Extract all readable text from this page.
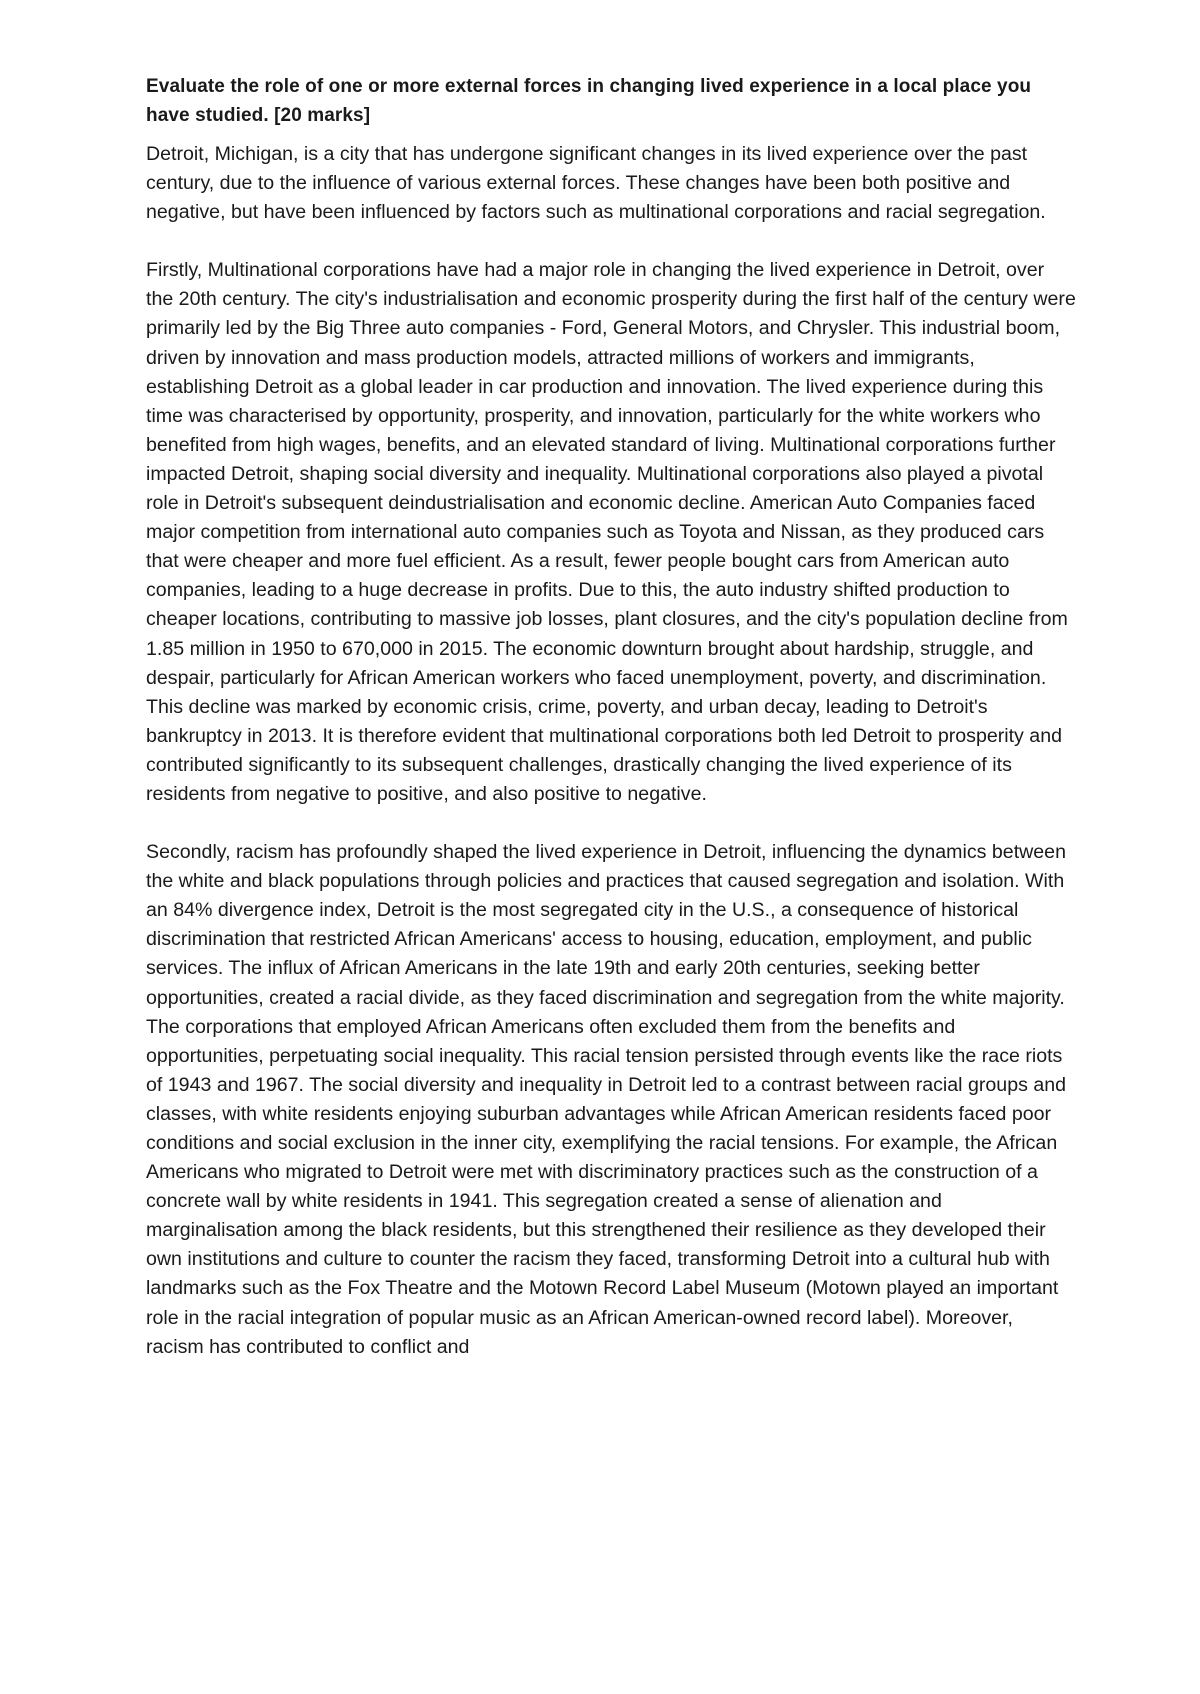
Evaluate the role of one or more external forces in changing lived experience in a local place you have studied. [20 marks]

Detroit, Michigan, is a city that has undergone significant changes in its lived experience over the past century, due to the influence of various external forces. These changes have been both positive and negative, but have been influenced by factors such as multinational corporations and racial segregation.

Firstly, Multinational corporations have had a major role in changing the lived experience in Detroit, over the 20th century. The city's industrialisation and economic prosperity during the first half of the century were primarily led by the Big Three auto companies - Ford, General Motors, and Chrysler. This industrial boom, driven by innovation and mass production models, attracted millions of workers and immigrants, establishing Detroit as a global leader in car production and innovation. The lived experience during this time was characterised by opportunity, prosperity, and innovation, particularly for the white workers who benefited from high wages, benefits, and an elevated standard of living. Multinational corporations further impacted Detroit, shaping social diversity and inequality. Multinational corporations also played a pivotal role in Detroit's subsequent deindustrialisation and economic decline. American Auto Companies faced major competition from international auto companies such as Toyota and Nissan, as they produced cars that were cheaper and more fuel efficient. As a result, fewer people bought cars from American auto companies, leading to a huge decrease in profits. Due to this, the auto industry shifted production to cheaper locations, contributing to massive job losses, plant closures, and the city's population decline from 1.85 million in 1950 to 670,000 in 2015. The economic downturn brought about hardship, struggle, and despair, particularly for African American workers who faced unemployment, poverty, and discrimination. This decline was marked by economic crisis, crime, poverty, and urban decay, leading to Detroit's bankruptcy in 2013. It is therefore evident that multinational corporations both led Detroit to prosperity and contributed significantly to its subsequent challenges, drastically changing the lived experience of its residents from negative to positive, and also positive to negative.

Secondly, racism has profoundly shaped the lived experience in Detroit, influencing the dynamics between the white and black populations through policies and practices that caused segregation and isolation. With an 84% divergence index, Detroit is the most segregated city in the U.S., a consequence of historical discrimination that restricted African Americans' access to housing, education, employment, and public services. The influx of African Americans in the late 19th and early 20th centuries, seeking better opportunities, created a racial divide, as they faced discrimination and segregation from the white majority. The corporations that employed African Americans often excluded them from the benefits and opportunities, perpetuating social inequality. This racial tension persisted through events like the race riots of 1943 and 1967. The social diversity and inequality in Detroit led to a contrast between racial groups and classes, with white residents enjoying suburban advantages while African American residents faced poor conditions and social exclusion in the inner city, exemplifying the racial tensions. For example, the African Americans who migrated to Detroit were met with discriminatory practices such as the construction of a concrete wall by white residents in 1941. This segregation created a sense of alienation and marginalisation among the black residents, but this strengthened their resilience as they developed their own institutions and culture to counter the racism they faced, transforming Detroit into a cultural hub with landmarks such as the Fox Theatre and the Motown Record Label Museum (Motown played an important role in the racial integration of popular music as an African American-owned record label). Moreover, racism has contributed to conflict and
